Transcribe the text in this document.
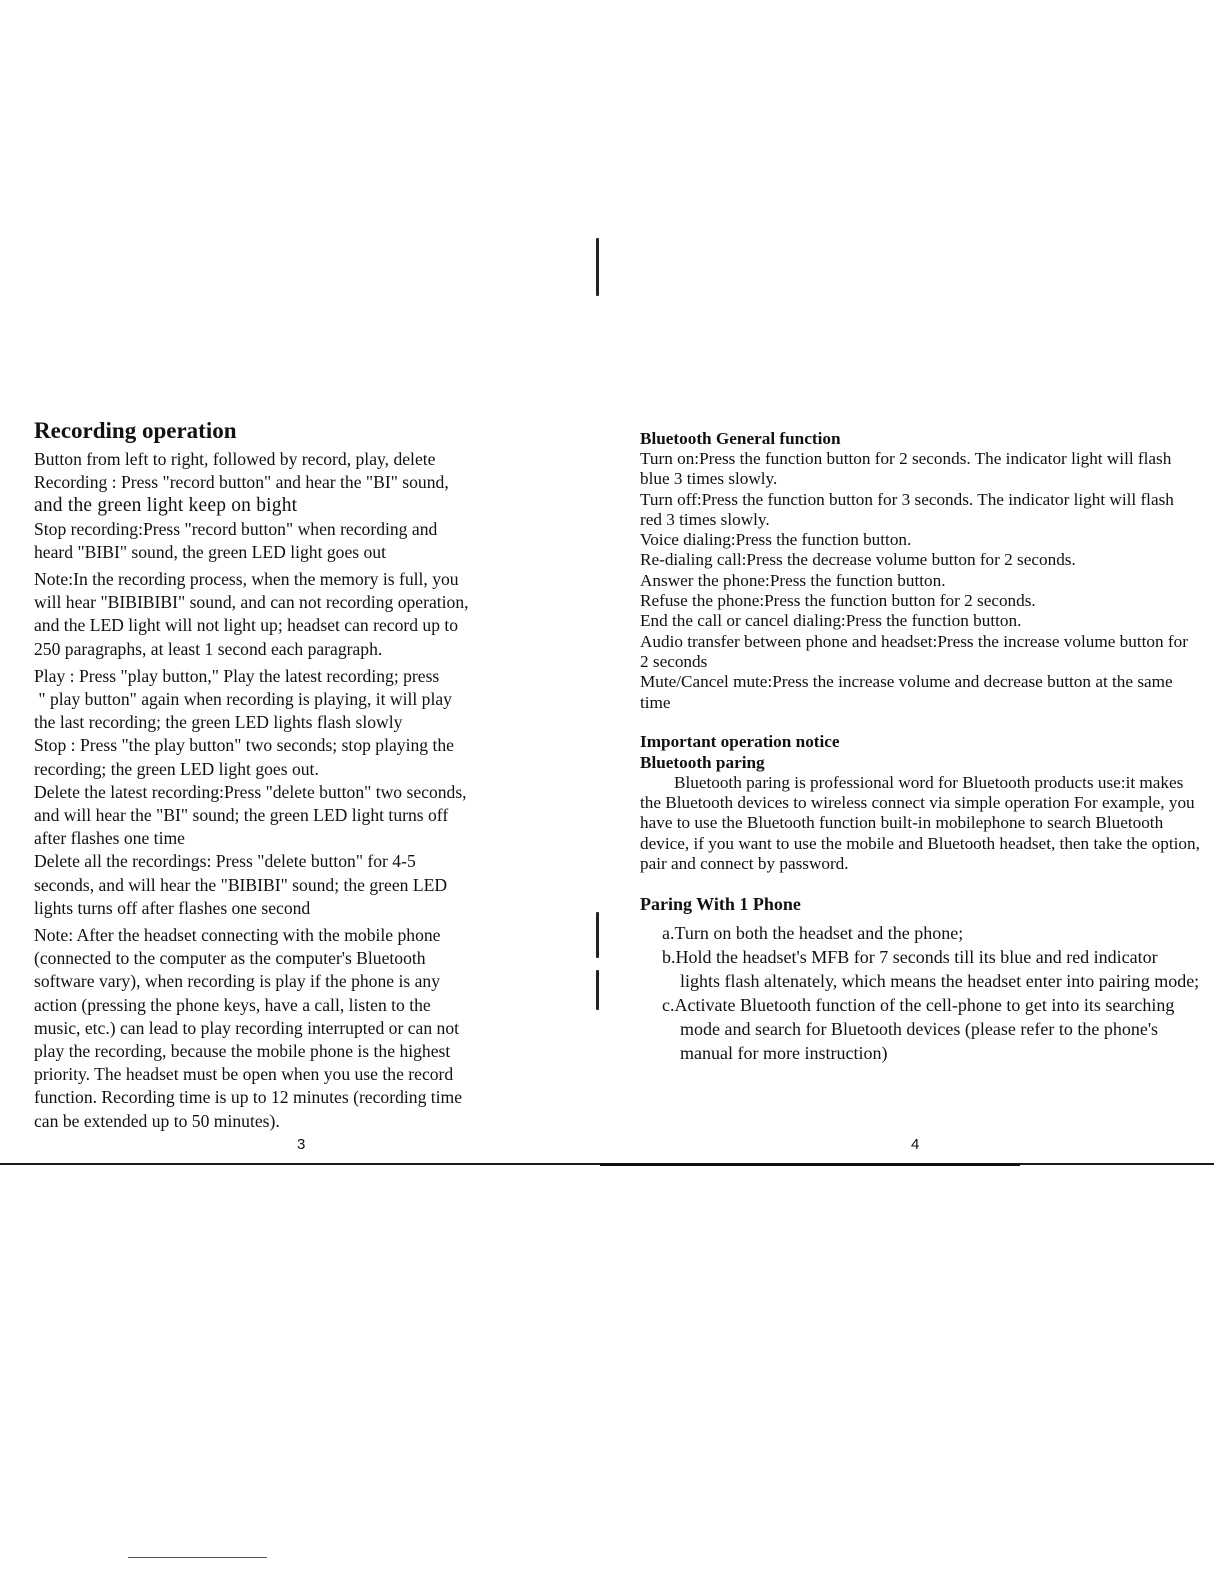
Recording operation

Button from left to right, followed by record, play, delete

Recording : Press "record button" and hear the "BI" sound,

and the green light keep on bight

Stop recording:Press "record button" when recording and
heard "BIBI" sound, the green LED light goes out

Note:In the recording process, when the memory is full, you
will hear "BIBIBIBI" sound, and can not recording operation,
and the LED light will not light up; headset can record up to
250 paragraphs, at least 1 second each paragraph.

Play : Press "play button," Play the latest recording; press
" play button" again when recording is playing, it will play
the last recording; the green LED lights flash slowly

Stop : Press "the play button" two seconds; stop playing the
recording; the green LED light goes out.

Delete the latest recording:Press "delete button" two seconds,
and will hear the "BI" sound; the green LED light turns off
after flashes one time

Delete all the recordings: Press "delete button" for 4-5
seconds, and will hear the "BIBIBI" sound; the green LED
lights turns off after flashes one second

Note: After the headset connecting with the mobile phone
(connected to the computer as the computer's Bluetooth
software vary), when recording is play if the phone is any
action (pressing the phone keys, have a call, listen to the
music, etc.) can lead to play recording interrupted or can not
play the recording, because the mobile phone is the highest
priority. The headset must be open when you use the record
function. Recording time is up to 12 minutes (recording time
can be extended up to 50 minutes).

Bluetooth General function

Turn on:Press the function button for 2 seconds. The indicator light will flash blue 3 times slowly.

Turn off:Press the function button for 3 seconds. The indicator light will flash red 3 times slowly.

Voice dialing:Press the function button.

Re-dialing call:Press the decrease volume button for 2 seconds.

Answer the phone:Press the function button.

Refuse the phone:Press the function button for 2 seconds.

End the call or cancel dialing:Press the function button.

Audio transfer between phone and headset:Press the increase volume button for 2 seconds

Mute/Cancel mute:Press the increase volume and decrease button at the same time

Important operation notice
Bluetooth paring

Bluetooth paring is professional word for Bluetooth products use:it makes the Bluetooth devices to wireless connect via simple operation For example, you have to use the Bluetooth function built-in mobilephone to search Bluetooth device, if you want to use the mobile and Bluetooth headset, then take the option, pair and connect by password.

Paring With 1 Phone

a.Turn on both the headset and the phone;

b.Hold the headset's MFB for 7 seconds till its blue and red indicator lights flash altenately, which means the headset enter into pairing mode;

c.Activate Bluetooth function of the cell-phone to get into its searching mode and search for Bluetooth devices (please refer to the phone's manual for more instruction)

3	4
